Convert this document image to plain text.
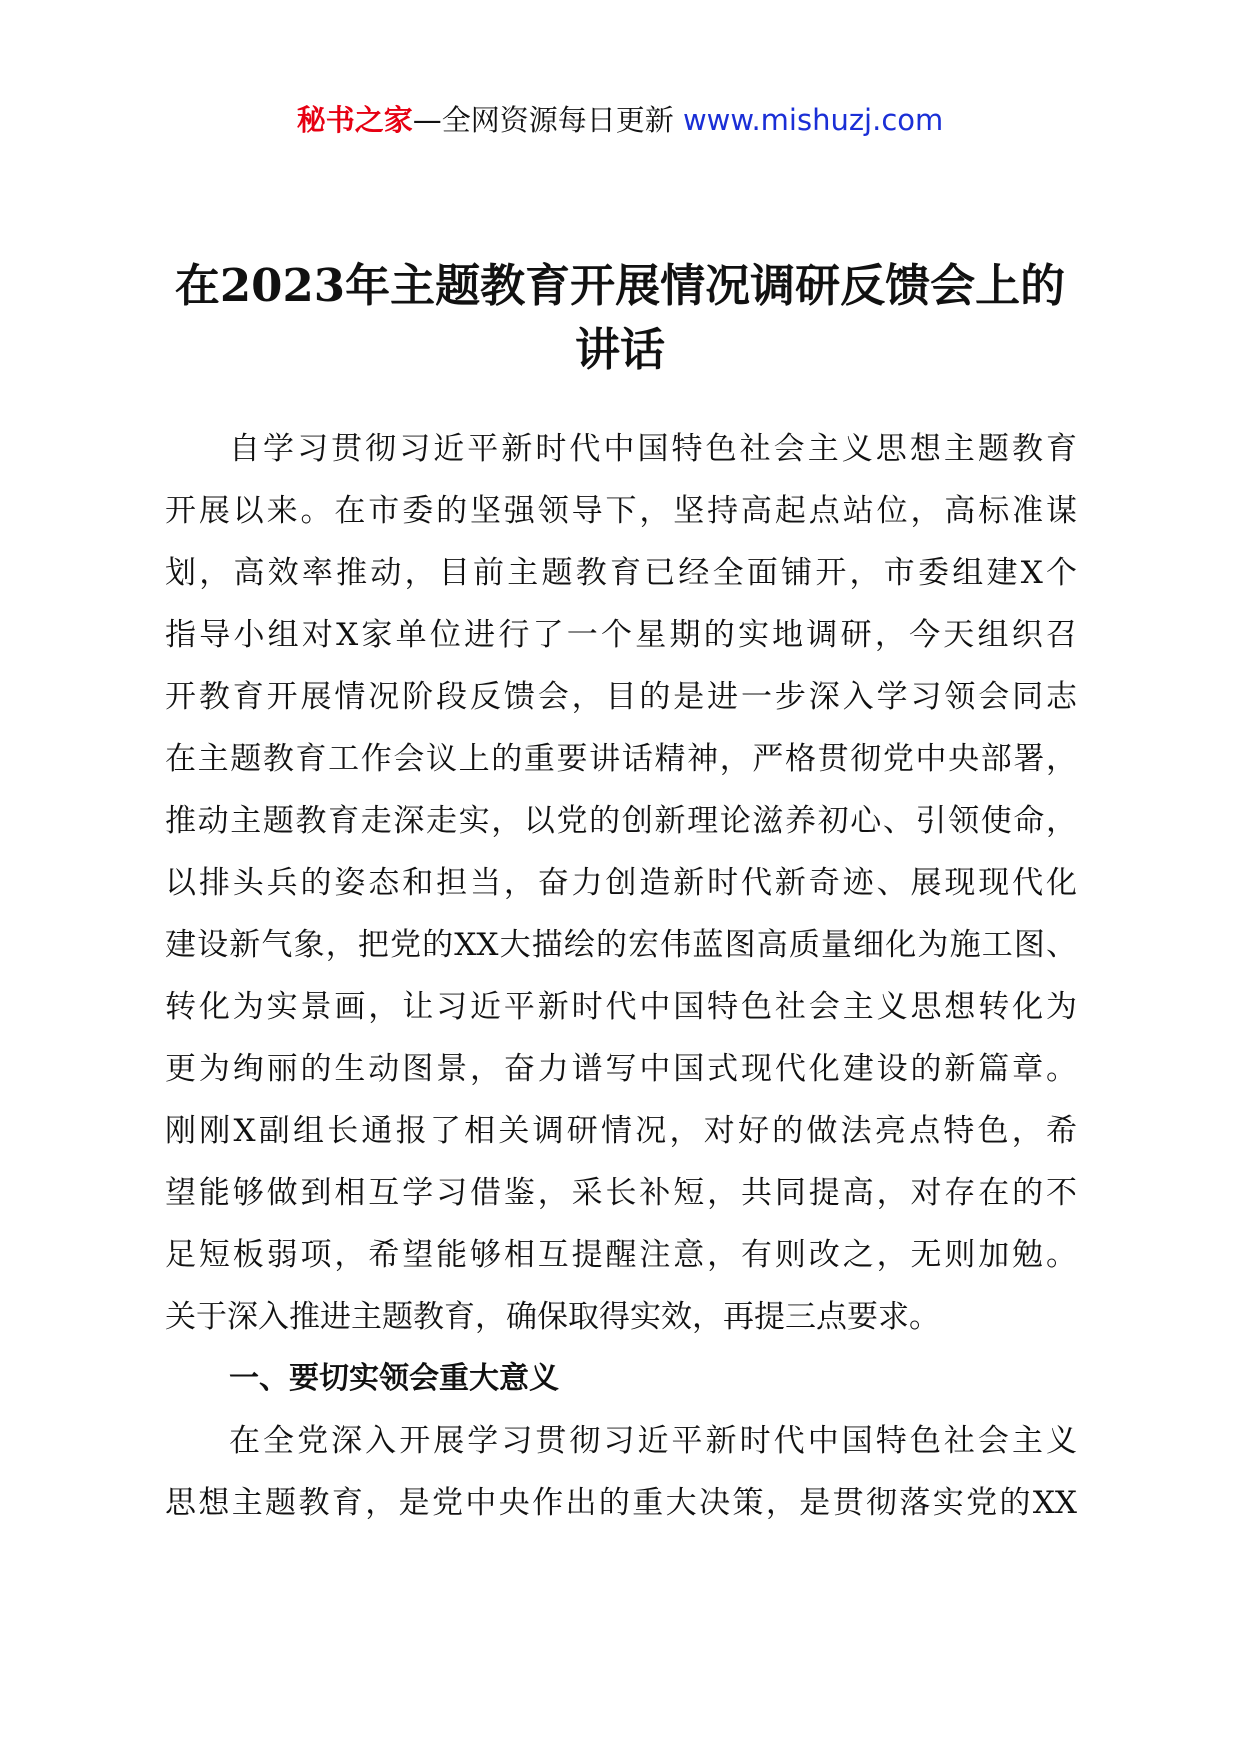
秘书之家—全网资源每日更新 www.mishuzj.com
在2023年主题教育开展情况调研反馈会上的
讲话
自学习贯彻习近平新时代中国特色社会主义思想主题教育
开展以来。在市委的坚强领导下，坚持高起点站位，高标准谋
划，高效率推动，目前主题教育已经全面铺开，市委组建X个
指导小组对X家单位进行了一个星期的实地调研，今天组织召
开教育开展情况阶段反馈会，目的是进一步深入学习领会同志
在主题教育工作会议上的重要讲话精神，严格贯彻党中央部署，
推动主题教育走深走实，以党的创新理论滋养初心、引领使命，
以排头兵的姿态和担当，奋力创造新时代新奇迹、展现现代化
建设新气象，把党的XX大描绘的宏伟蓝图高质量细化为施工图、
转化为实景画，让习近平新时代中国特色社会主义思想转化为
更为绚丽的生动图景，奋力谱写中国式现代化建设的新篇章。
刚刚X副组长通报了相关调研情况，对好的做法亮点特色，希
望能够做到相互学习借鉴，采长补短，共同提高，对存在的不
足短板弱项，希望能够相互提醒注意，有则改之，无则加勉。
关于深入推进主题教育，确保取得实效，再提三点要求。
一、要切实领会重大意义
在全党深入开展学习贯彻习近平新时代中国特色社会主义
思想主题教育，是党中央作出的重大决策，是贯彻落实党的XX
